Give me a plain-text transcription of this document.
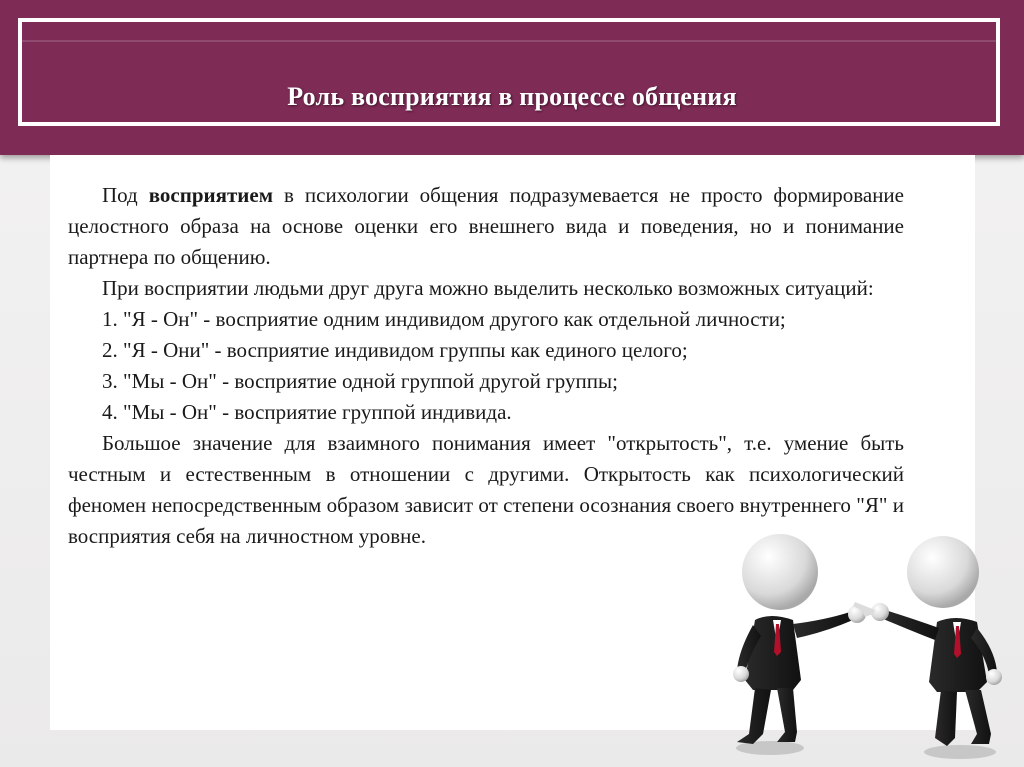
Роль восприятия в процессе общения

Под восприятием в психологии общения подразумевается не просто формирование целостного образа на основе оценки его внешнего вида и поведения, но и понимание партнера по общению.

При восприятии людьми друг друга можно выделить несколько возможных ситуаций:

1. "Я - Он" - восприятие одним индивидом другого как отдельной личности;

2. "Я - Они" - восприятие индивидом группы как единого целого;

3. "Мы - Он" - восприятие одной группой другой группы;

4. "Мы - Он" - восприятие группой индивида.

Большое значение для взаимного понимания имеет "открытость", т.е. умение быть честным и естественным в отношении с другими. Открытость как психологический феномен непосредственным образом зависит от степени осознания своего внутреннего "Я" и восприятия себя на личностном уровне.
